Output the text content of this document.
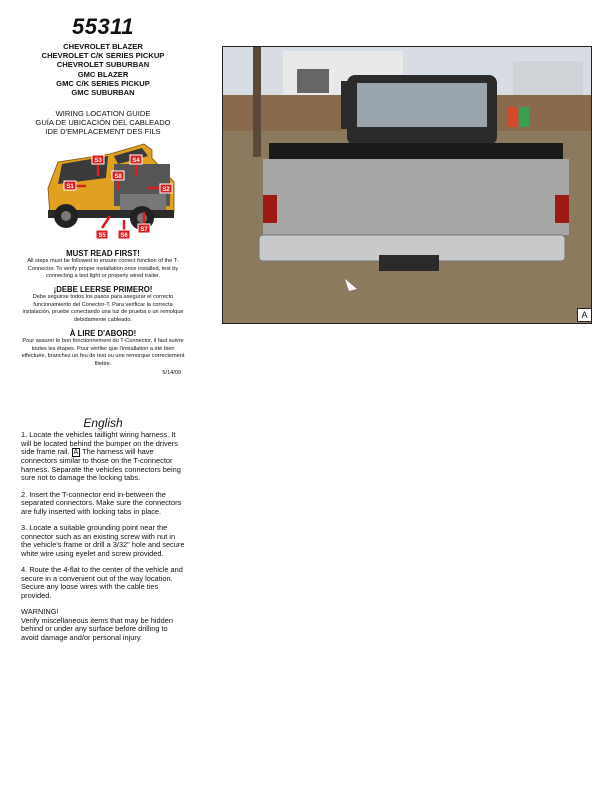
55311
CHEVROLET BLAZER
CHEVROLET C/K SERIES PICKUP
CHEVROLET SUBURBAN
GMC BLAZER
GMC C/K SERIES PICKUP
GMC SUBURBAN
WIRING LOCATION GUIDE
GUÍA DE UBICACIÓN DEL CABLEADO
IDE D'EMPLACEMENT DES FILS
S1	S2
S3	S4
S5 S6
S7
S8
MUST READ FIRST!
All steps must be followed to ensure correct function of the T-Connector. To verify proper installation once installed, test by connecting a test light or properly wired trailer.
¡DEBE LEERSE PRIMERO!
Debe seguirse todos los pasos para asegurar el correcto funcionamiento del Conector-T. Para verificar la correcta instalación, pruebe conectando una luz de prueba o un remolque debidamente cableado.
À LIRE D'ABORD!
Pour assurer le bon fonctionnement du T-Connector, il faut suivre toutes les étapes. Pour vérifier que l'installation a été bien effectuée, branchez un feu de test ou une remorque correctement filetée.
5/14/09
A
English

1. Locate the vehicles taillight wiring harness. It will be located behind the bumper on the drivers side frame rail. A The harness will have connectors similar to those on the T-connector harness. Separate the vehicles connectors being sure not to damage the locking tabs.

2. Insert the T-connector end in-between the separated connectors. Make sure the connectors are fully inserted with locking tabs in place.

3. Locate a suitable grounding point near the connector such as an existing screw with nut in the vehicle's frame or drill a 3/32" hole and secure white wire using eyelet and screw provided.

4. Route the 4-flat to the center of the vehicle and secure in a convenient out of the way location. Secure any loose wires with the cable ties provided.

WARNING!
Verify miscellaneous items that may be hidden behind or under any surface before drilling to avoid damage and/or personal injury.
